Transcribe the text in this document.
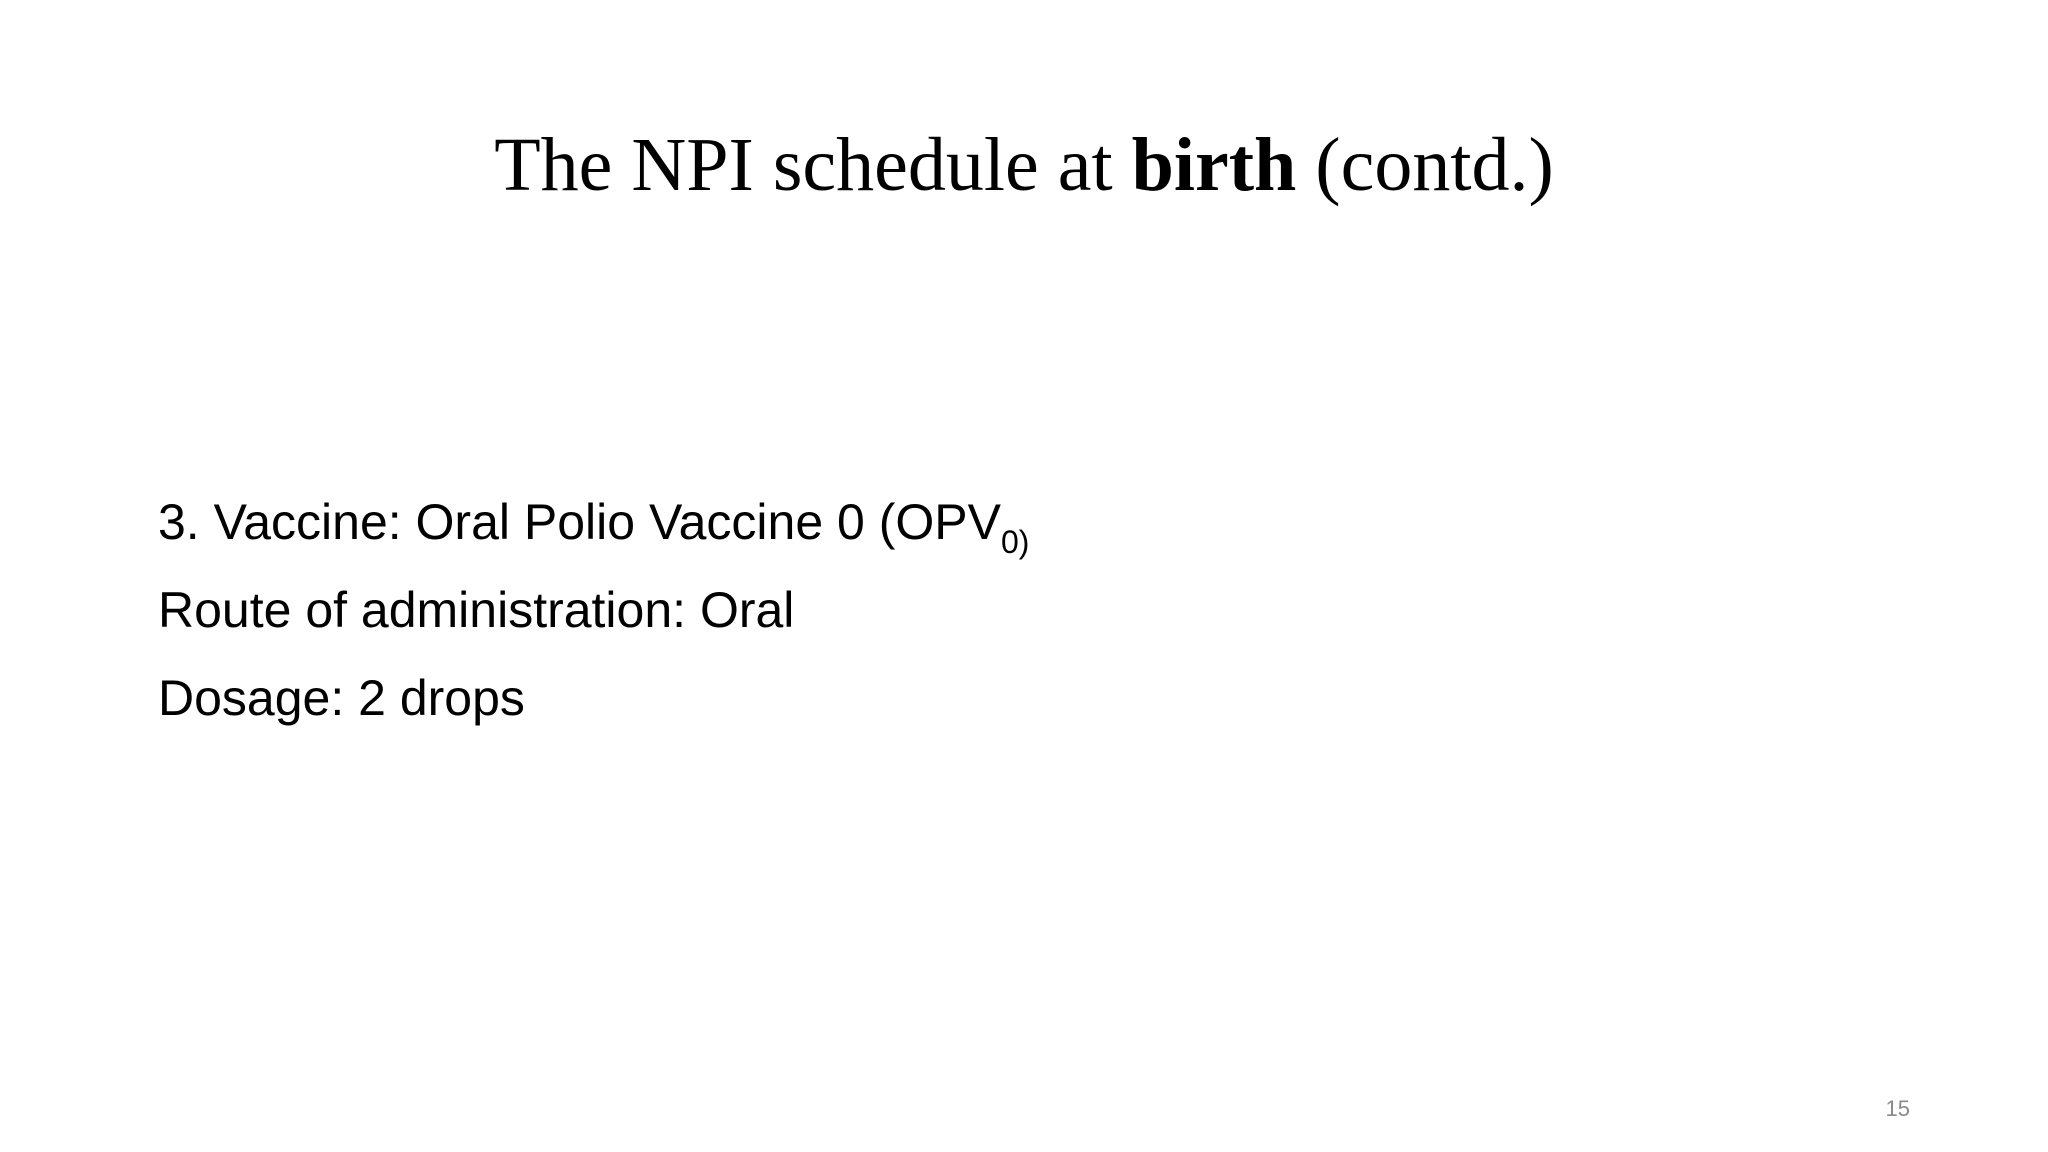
The NPI schedule at birth (contd.)
3. Vaccine: Oral Polio Vaccine 0 ($OPV_{0)}$
Route of administration: Oral
Dosage: 2 drops
15
